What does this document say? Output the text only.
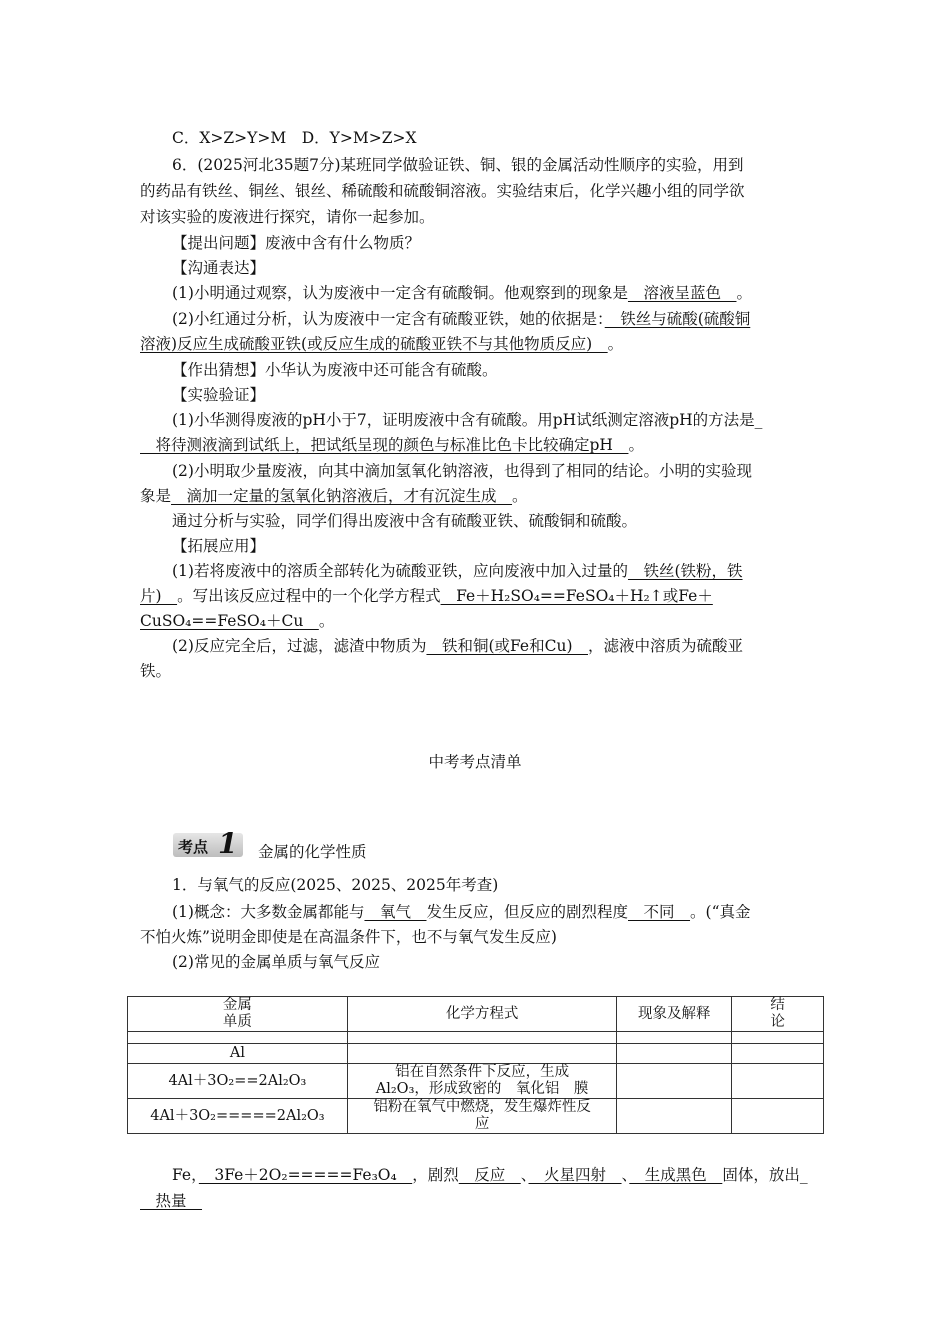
C．X>Z>Y>M　D．Y>M>Z>X
6．(2025河北35题7分)某班同学做验证铁、铜、银的金属活动性顺序的实验，用到
的药品有铁丝、铜丝、银丝、稀硫酸和硫酸铜溶液。实验结束后，化学兴趣小组的同学欲
对该实验的废液进行探究，请你一起参加。
【提出问题】废液中含有什么物质？
【沟通表达】
(1)小明通过观察，认为废液中一定含有硫酸铜。他观察到的现象是　溶液呈蓝色　。
(2)小红通过分析，认为废液中一定含有硫酸亚铁，她的依据是：　铁丝与硫酸(硫酸铜
溶液)反应生成硫酸亚铁(或反应生成的硫酸亚铁不与其他物质反应)　。
【作出猜想】小华认为废液中还可能含有硫酸。
【实验验证】
(1)小华测得废液的pH小于7，证明废液中含有硫酸。用pH试纸测定溶液pH的方法是_
　将待测液滴到试纸上，把试纸呈现的颜色与标准比色卡比较确定pH　。
(2)小明取少量废液，向其中滴加氢氧化钠溶液，也得到了相同的结论。小明的实验现
象是　滴加一定量的氢氧化钠溶液后，才有沉淀生成　。
通过分析与实验，同学们得出废液中含有硫酸亚铁、硫酸铜和硫酸。
【拓展应用】
(1)若将废液中的溶质全部转化为硫酸亚铁，应向废液中加入过量的　铁丝(铁粉，铁
片)　。写出该反应过程中的一个化学方程式　Fe＋H₂SO₄==FeSO₄＋H₂↑或Fe＋
CuSO₄==FeSO₄＋Cu　。
(2)反应完全后，过滤，滤渣中物质为　铁和铜(或Fe和Cu)　，滤液中溶质为硫酸亚
铁。
中考考点清单
考点 1 金属的化学性质
1．与氧气的反应(2025、2025、2025年考查)
(1)概念：大多数金属都能与　氧气　发生反应，但反应的剧烈程度　不同　。(“真金
不怕火炼”说明金即使是在高温条件下，也不与氧气发生反应)
(2)常见的金属单质与氧气反应
金属
单质	化学方程式	现象及解释	结
论

Al			
4Al＋3O₂==2Al₂O₃	铝在自然条件下反应，生成
Al₂O₃，形成致密的　氧化铝　膜		
4Al＋3O₂=====2Al₂O₃	铝粉在氧气中燃烧，发生爆炸性反
应		
Fe，　3Fe＋2O₂=====Fe₃O₄　，剧烈　反应　、　火星四射　、　生成黑色　固体，放出_
　热量　
